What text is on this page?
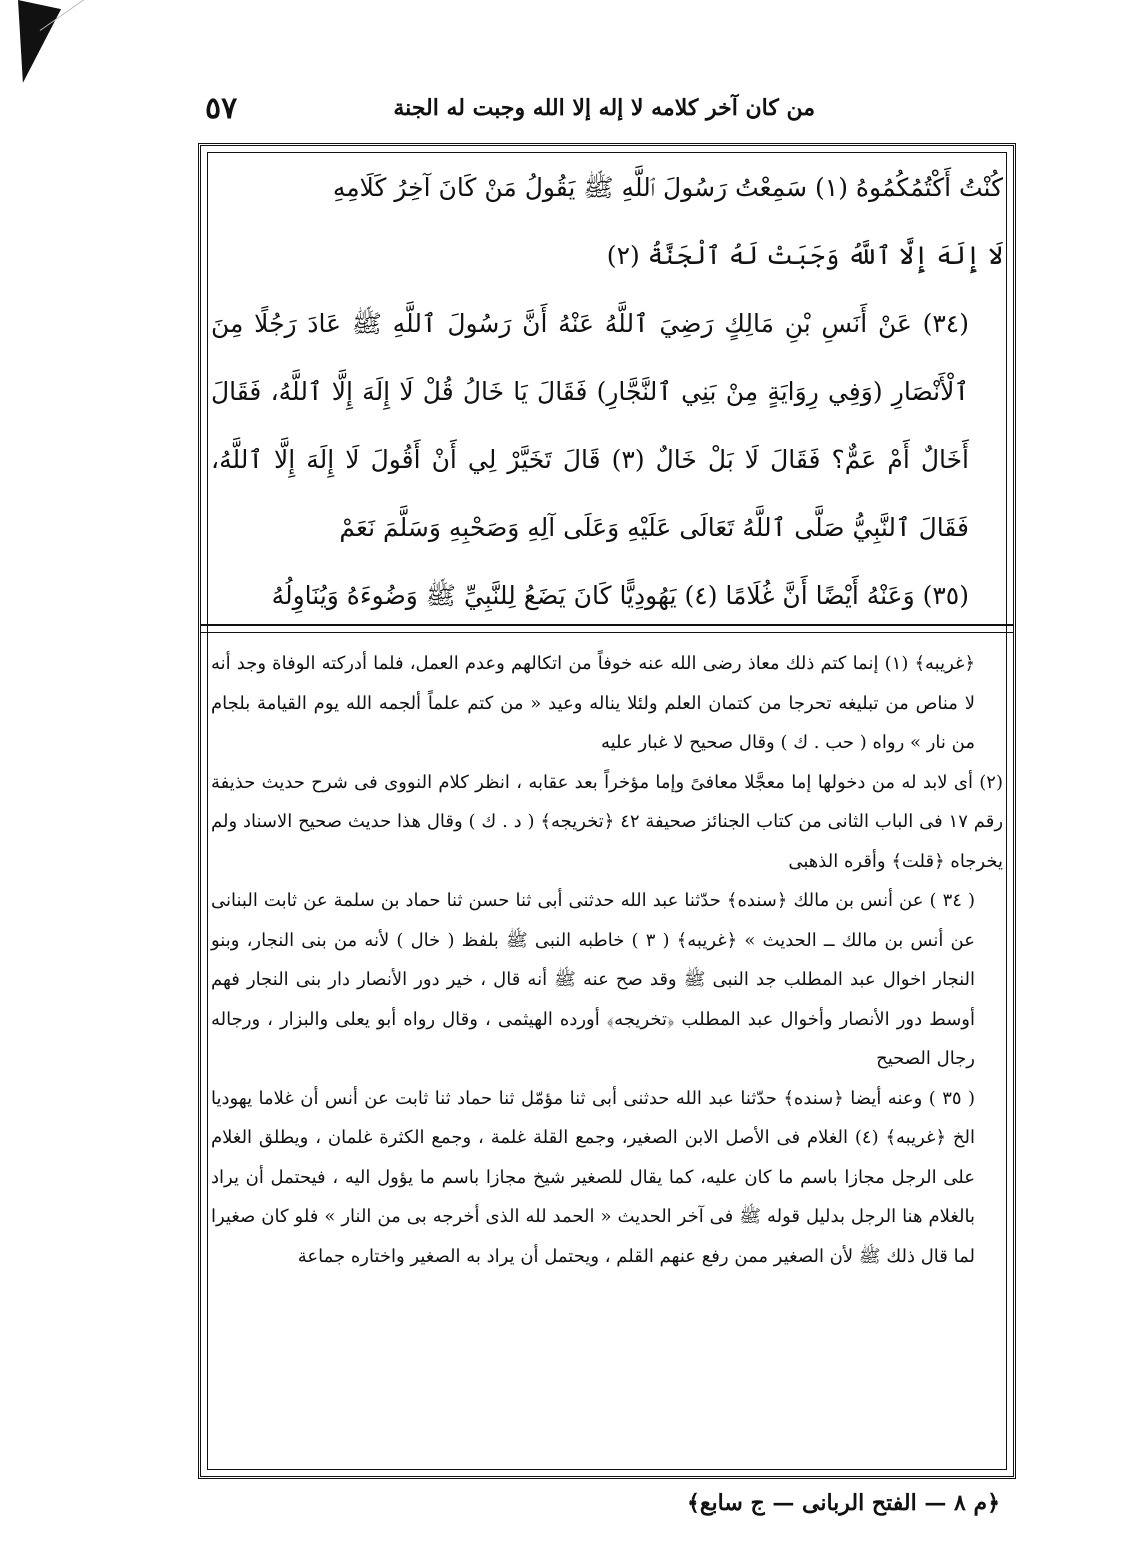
من كان آخر كلامه لا إله إلا الله وجبت له الجنة
٥٧

كُنْتُ أَكْتُمُكُمُوهُ (١) سَمِعْتُ رَسُولَ ٱللَّهِ ﷺ يَقُولُ مَنْ كَانَ آخِرُ كَلَامِهِ

لَا إِلَهَ إِلَّا ٱللَّهُ وَجَبَتْ لَهُ ٱلْجَنَّةُ (٢)

(٣٤) عَنْ أَنَسِ بْنِ مَالِكٍ رَضِيَ ٱللَّهُ عَنْهُ أَنَّ رَسُولَ ٱللَّهِ ﷺ عَادَ رَجُلًا مِنَ ٱلْأَنْصَارِ (وَفِي رِوَايَةٍ مِنْ بَنِي ٱلنَّجَّارِ) فَقَالَ يَا خَالُ قُلْ لَا إِلَهَ إِلَّا ٱللَّهُ، فَقَالَ أَخَالٌ أَمْ عَمٌّ؟ فَقَالَ لَا بَلْ خَالٌ (٣) قَالَ تَخَيَّرْ لِي أَنْ أَقُولَ لَا إِلَهَ إِلَّا ٱللَّهُ، فَقَالَ ٱلنَّبِيُّ صَلَّى ٱللَّهُ تَعَالَى عَلَيْهِ وَعَلَى آلِهِ وَصَحْبِهِ وَسَلَّمَ نَعَمْ

(٣٥) وَعَنْهُ أَيْضًا أَنَّ غُلَامًا (٤) يَهُودِيًّا كَانَ يَضَعُ لِلنَّبِيِّ ﷺ وَضُوءَهُ وَيُنَاوِلُهُ

﴿غريبه﴾ (١) إنما كتم ذلك معاذ رضى الله عنه خوفاً من اتكالهم وعدم العمل، فلما أدركته الوفاة وجد أنه لا مناص من تبليغه تحرجا من كتمان العلم ولئلا يناله وعيد « من كتم علماً ألجمه الله يوم القيامة بلجام من نار » رواه ( حب . ك ) وقال صحيح لا غبار عليه

(٢) أى لابد له من دخولها إما معجَّلا معافىً وإما مؤخراً بعد عقابه ، انظر كلام النووى فى شرح حديث حذيفة رقم ١٧ فى الباب الثانى من كتاب الجنائز صحيفة ٤٢ ﴿تخريجه﴾ ( د . ك ) وقال هذا حديث صحيح الاسناد ولم يخرجاه ﴿قلت﴾ وأقره الذهبى

( ٣٤ ) عن أنس بن مالك ﴿سنده﴾ حدّثنا عبد الله حدثنى أبى ثنا حسن ثنا حماد بن سلمة عن ثابت البنانى عن أنس بن مالك ــ الحديث » ﴿غريبه﴾ ( ٣ ) خاطبه النبى ﷺ بلفظ ( خال ) لأنه من بنى النجار، وبنو النجار اخوال عبد المطلب جد النبى ﷺ وقد صح عنه ﷺ أنه قال ، خير دور الأنصار دار بنى النجار فهم أوسط دور الأنصار وأخوال عبد المطلب ﴿تخريجه﴾ أورده الهيثمى ، وقال رواه أبو يعلى والبزار ، ورجاله رجال الصحيح

( ٣٥ ) وعنه أيضا ﴿سنده﴾ حدّثنا عبد الله حدثنى أبى ثنا مؤمّل ثنا حماد ثنا ثابت عن أنس أن غلاما يهوديا الخ ﴿غريبه﴾ (٤) الغلام فى الأصل الابن الصغير، وجمع القلة غلمة ، وجمع الكثرة غلمان ، ويطلق الغلام على الرجل مجازا باسم ما كان عليه، كما يقال للصغير شيخ مجازا باسم ما يؤول اليه ، فيحتمل أن يراد بالغلام هنا الرجل بدليل قوله ﷺ فى آخر الحديث « الحمد لله الذى أخرجه بى من النار » فلو كان صغيرا لما قال ذلك ﷺ لأن الصغير ممن رفع عنهم القلم ، ويحتمل أن يراد به الصغير واختاره جماعة

﴿م ٨ — الفتح الربانى — ج سابع﴾
